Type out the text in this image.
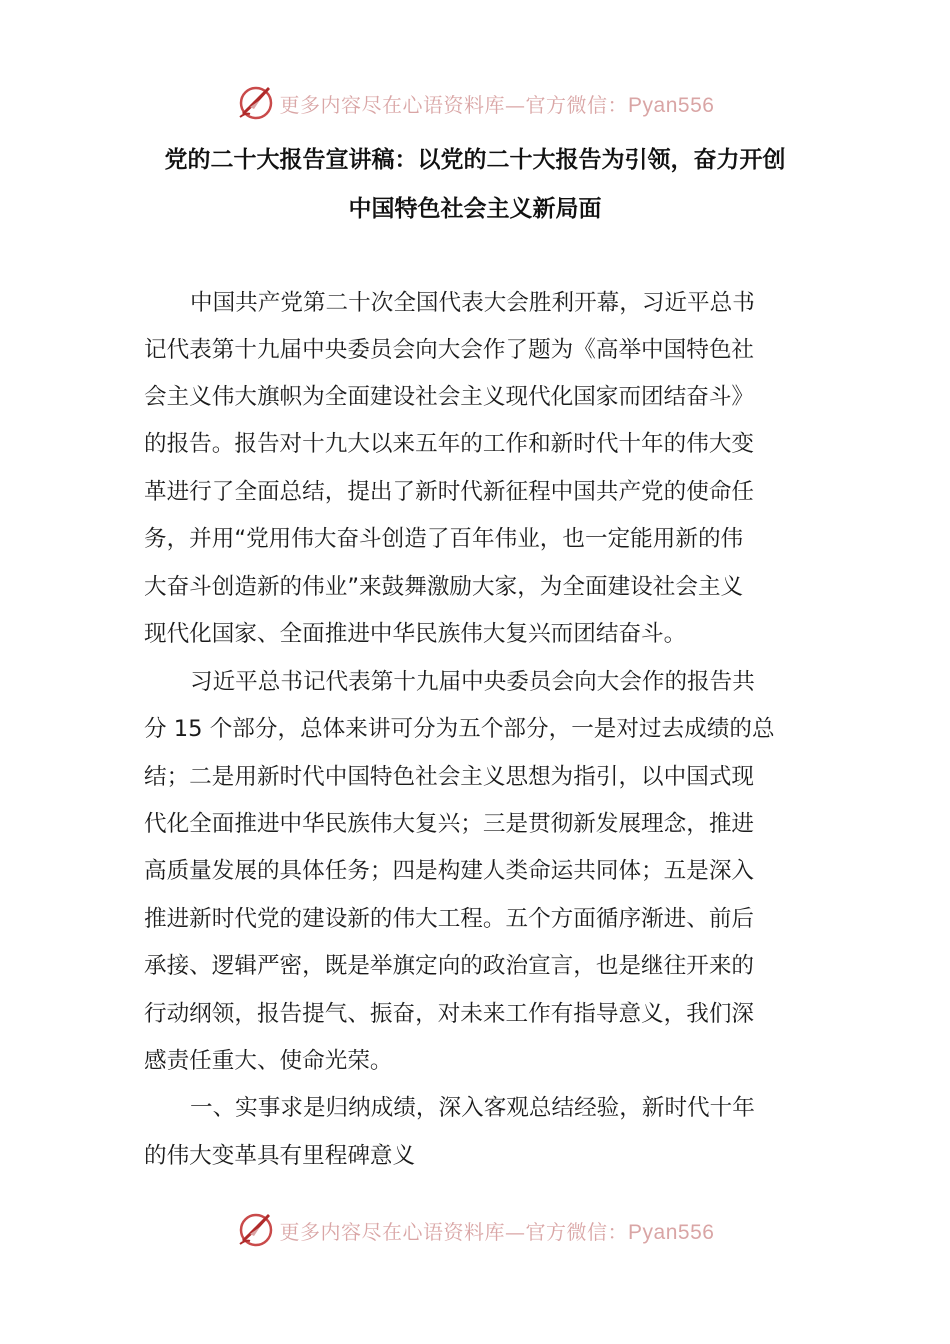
更多内容尽在心语资料库—官方微信：Pyan556
党的二十大报告宣讲稿：以党的二十大报告为引领，奋力开创
中国特色社会主义新局面
中国共产党第二十次全国代表大会胜利开幕，习近平总书
记代表第十九届中央委员会向大会作了题为《高举中国特色社
会主义伟大旗帜为全面建设社会主义现代化国家而团结奋斗》
的报告。报告对十九大以来五年的工作和新时代十年的伟大变
革进行了全面总结，提出了新时代新征程中国共产党的使命任
务，并用“党用伟大奋斗创造了百年伟业，也一定能用新的伟
大奋斗创造新的伟业”来鼓舞激励大家，为全面建设社会主义
现代化国家、全面推进中华民族伟大复兴而团结奋斗。
习近平总书记代表第十九届中央委员会向大会作的报告共
分 15 个部分，总体来讲可分为五个部分，一是对过去成绩的总
结；二是用新时代中国特色社会主义思想为指引，以中国式现
代化全面推进中华民族伟大复兴；三是贯彻新发展理念，推进
高质量发展的具体任务；四是构建人类命运共同体；五是深入
推进新时代党的建设新的伟大工程。五个方面循序渐进、前后
承接、逻辑严密，既是举旗定向的政治宣言，也是继往开来的
行动纲领，报告提气、振奋，对未来工作有指导意义，我们深
感责任重大、使命光荣。
一、实事求是归纳成绩，深入客观总结经验，新时代十年
的伟大变革具有里程碑意义
更多内容尽在心语资料库—官方微信：Pyan556
